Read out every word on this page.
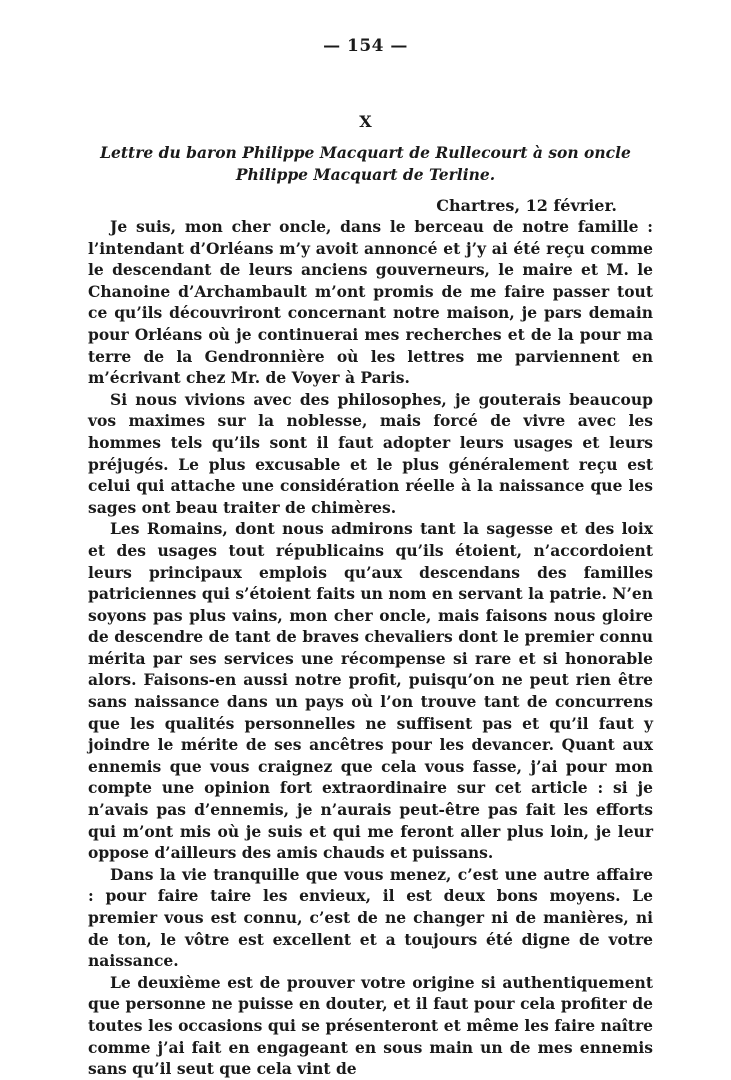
— 154 —
X
Lettre du baron Philippe Macquart de Rullecourt à son oncle
Philippe Macquart de Terline.
Chartres, 12 février.

Je suis, mon cher oncle, dans le berceau de notre famille : l’intendant d’Orléans m’y avoit annoncé et j’y ai été reçu comme le descendant de leurs anciens gouverneurs, le maire et M. le Chanoine d’Archambault m’ont promis de me faire passer tout ce qu’ils découvriront concernant notre maison, je pars demain pour Orléans où je continuerai mes recherches et de la pour ma terre de la Gendronnière où les lettres me parviennent en m’écrivant chez Mr. de Voyer à Paris.

Si nous vivions avec des philosophes, je gouterais beaucoup vos maximes sur la noblesse, mais forcé de vivre avec les hommes tels qu’ils sont il faut adopter leurs usages et leurs préjugés. Le plus excusable et le plus généralement reçu est celui qui attache une considération réelle à la naissance que les sages ont beau traiter de chimères.

Les Romains, dont nous admirons tant la sagesse et des loix et des usages tout républicains qu’ils étoient, n’accordoient leurs principaux emplois qu’aux descendans des familles patriciennes qui s’étoient faits un nom en servant la patrie. N’en soyons pas plus vains, mon cher oncle, mais faisons nous gloire de descendre de tant de braves chevaliers dont le premier connu mérita par ses services une récompense si rare et si honorable alors. Faisons-en aussi notre profit, puisqu’on ne peut rien être sans naissance dans un pays où l’on trouve tant de concurrens que les qualités personnelles ne suffisent pas et qu’il faut y joindre le mérite de ses ancêtres pour les devancer. Quant aux ennemis que vous craignez que cela vous fasse, j’ai pour mon compte une opinion fort extraordinaire sur cet article : si je n’avais pas d’ennemis, je n’aurais peut-être pas fait les efforts qui m’ont mis où je suis et qui me feront aller plus loin, je leur oppose d’ailleurs des amis chauds et puissans.

Dans la vie tranquille que vous menez, c’est une autre affaire : pour faire taire les envieux, il est deux bons moyens. Le premier vous est connu, c’est de ne changer ni de manières, ni de ton, le vôtre est excellent et a toujours été digne de votre naissance.

Le deuxième est de prouver votre origine si authentiquement que personne ne puisse en douter, et il faut pour cela profiter de toutes les occasions qui se présenteront et même les faire naître comme j’ai fait en engageant en sous main un de mes ennemis sans qu’il seut que cela vint de
